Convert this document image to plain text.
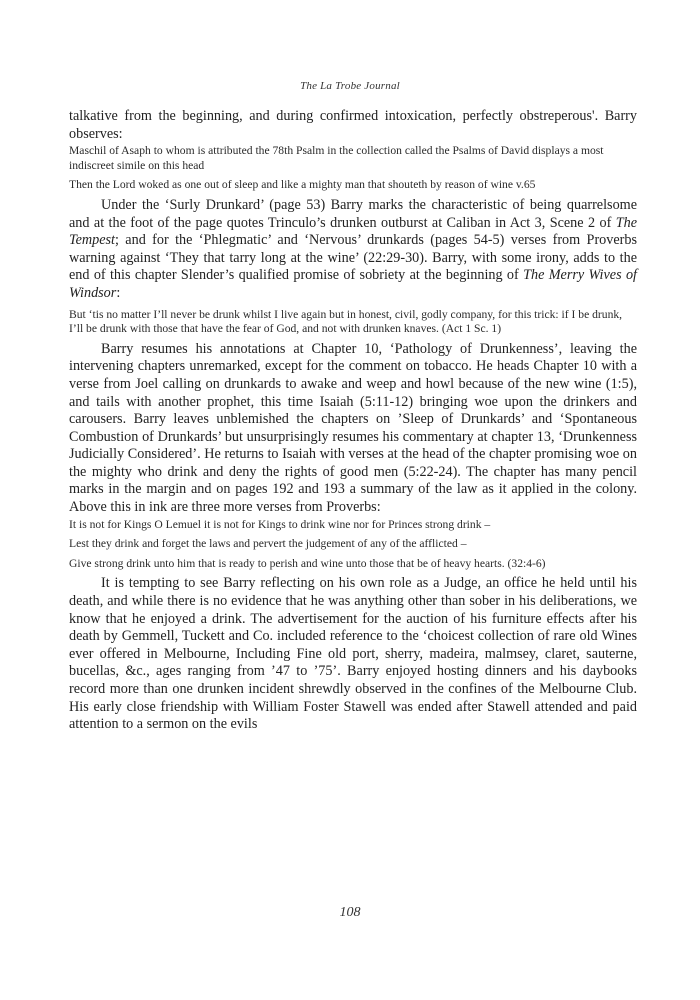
The La Trobe Journal

talkative from the beginning, and during confirmed intoxication, perfectly obstreperous'. Barry observes:

Maschil of Asaph to whom is attributed the 78th Psalm in the collection called the Psalms of David displays a most indiscreet simile on this head

Then the Lord woked as one out of sleep and like a mighty man that shouteth by reason of wine v.65

Under the ‘Surly Drunkard’ (page 53) Barry marks the characteristic of being quarrelsome and at the foot of the page quotes Trinculo’s drunken outburst at Caliban in Act 3, Scene 2 of The Tempest; and for the ‘Phlegmatic’ and ‘Nervous’ drunkards (pages 54-5) verses from Proverbs warning against ‘They that tarry long at the wine’ (22:29-30). Barry, with some irony, adds to the end of this chapter Slender’s qualified promise of sobriety at the beginning of The Merry Wives of Windsor:

But ‘tis no matter I’ll never be drunk whilst I live again but in honest, civil, godly company, for this trick: if I be drunk, I’ll be drunk with those that have the fear of God, and not with drunken knaves. (Act 1 Sc. 1)

Barry resumes his annotations at Chapter 10, ‘Pathology of Drunkenness’, leaving the intervening chapters unremarked, except for the comment on tobacco. He heads Chapter 10 with a verse from Joel calling on drunkards to awake and weep and howl because of the new wine (1:5), and tails with another prophet, this time Isaiah (5:11-12) bringing woe upon the drinkers and carousers. Barry leaves unblemished the chapters on ’Sleep of Drunkards’ and ‘Spontaneous Combustion of Drunkards’ but unsurprisingly resumes his commentary at chapter 13, ‘Drunkenness Judicially Considered’. He returns to Isaiah with verses at the head of the chapter promising woe on the mighty who drink and deny the rights of good men (5:22-24). The chapter has many pencil marks in the margin and on pages 192 and 193 a summary of the law as it applied in the colony. Above this in ink are three more verses from Proverbs:

It is not for Kings O Lemuel it is not for Kings to drink wine nor for Princes strong drink –

Lest they drink and forget the laws and pervert the judgement of any of the afflicted –

Give strong drink unto him that is ready to perish and wine unto those that be of heavy hearts. (32:4-6)

It is tempting to see Barry reflecting on his own role as a Judge, an office he held until his death, and while there is no evidence that he was anything other than sober in his deliberations, we know that he enjoyed a drink. The advertisement for the auction of his furniture effects after his death by Gemmell, Tuckett and Co. included reference to the ‘choicest collection of rare old Wines ever offered in Melbourne, Including Fine old port, sherry, madeira, malmsey, claret, sauterne, bucellas, &c., ages ranging from ’47 to ’75’. Barry enjoyed hosting dinners and his daybooks record more than one drunken incident shrewdly observed in the confines of the Melbourne Club. His early close friendship with William Foster Stawell was ended after Stawell attended and paid attention to a sermon on the evils

108
